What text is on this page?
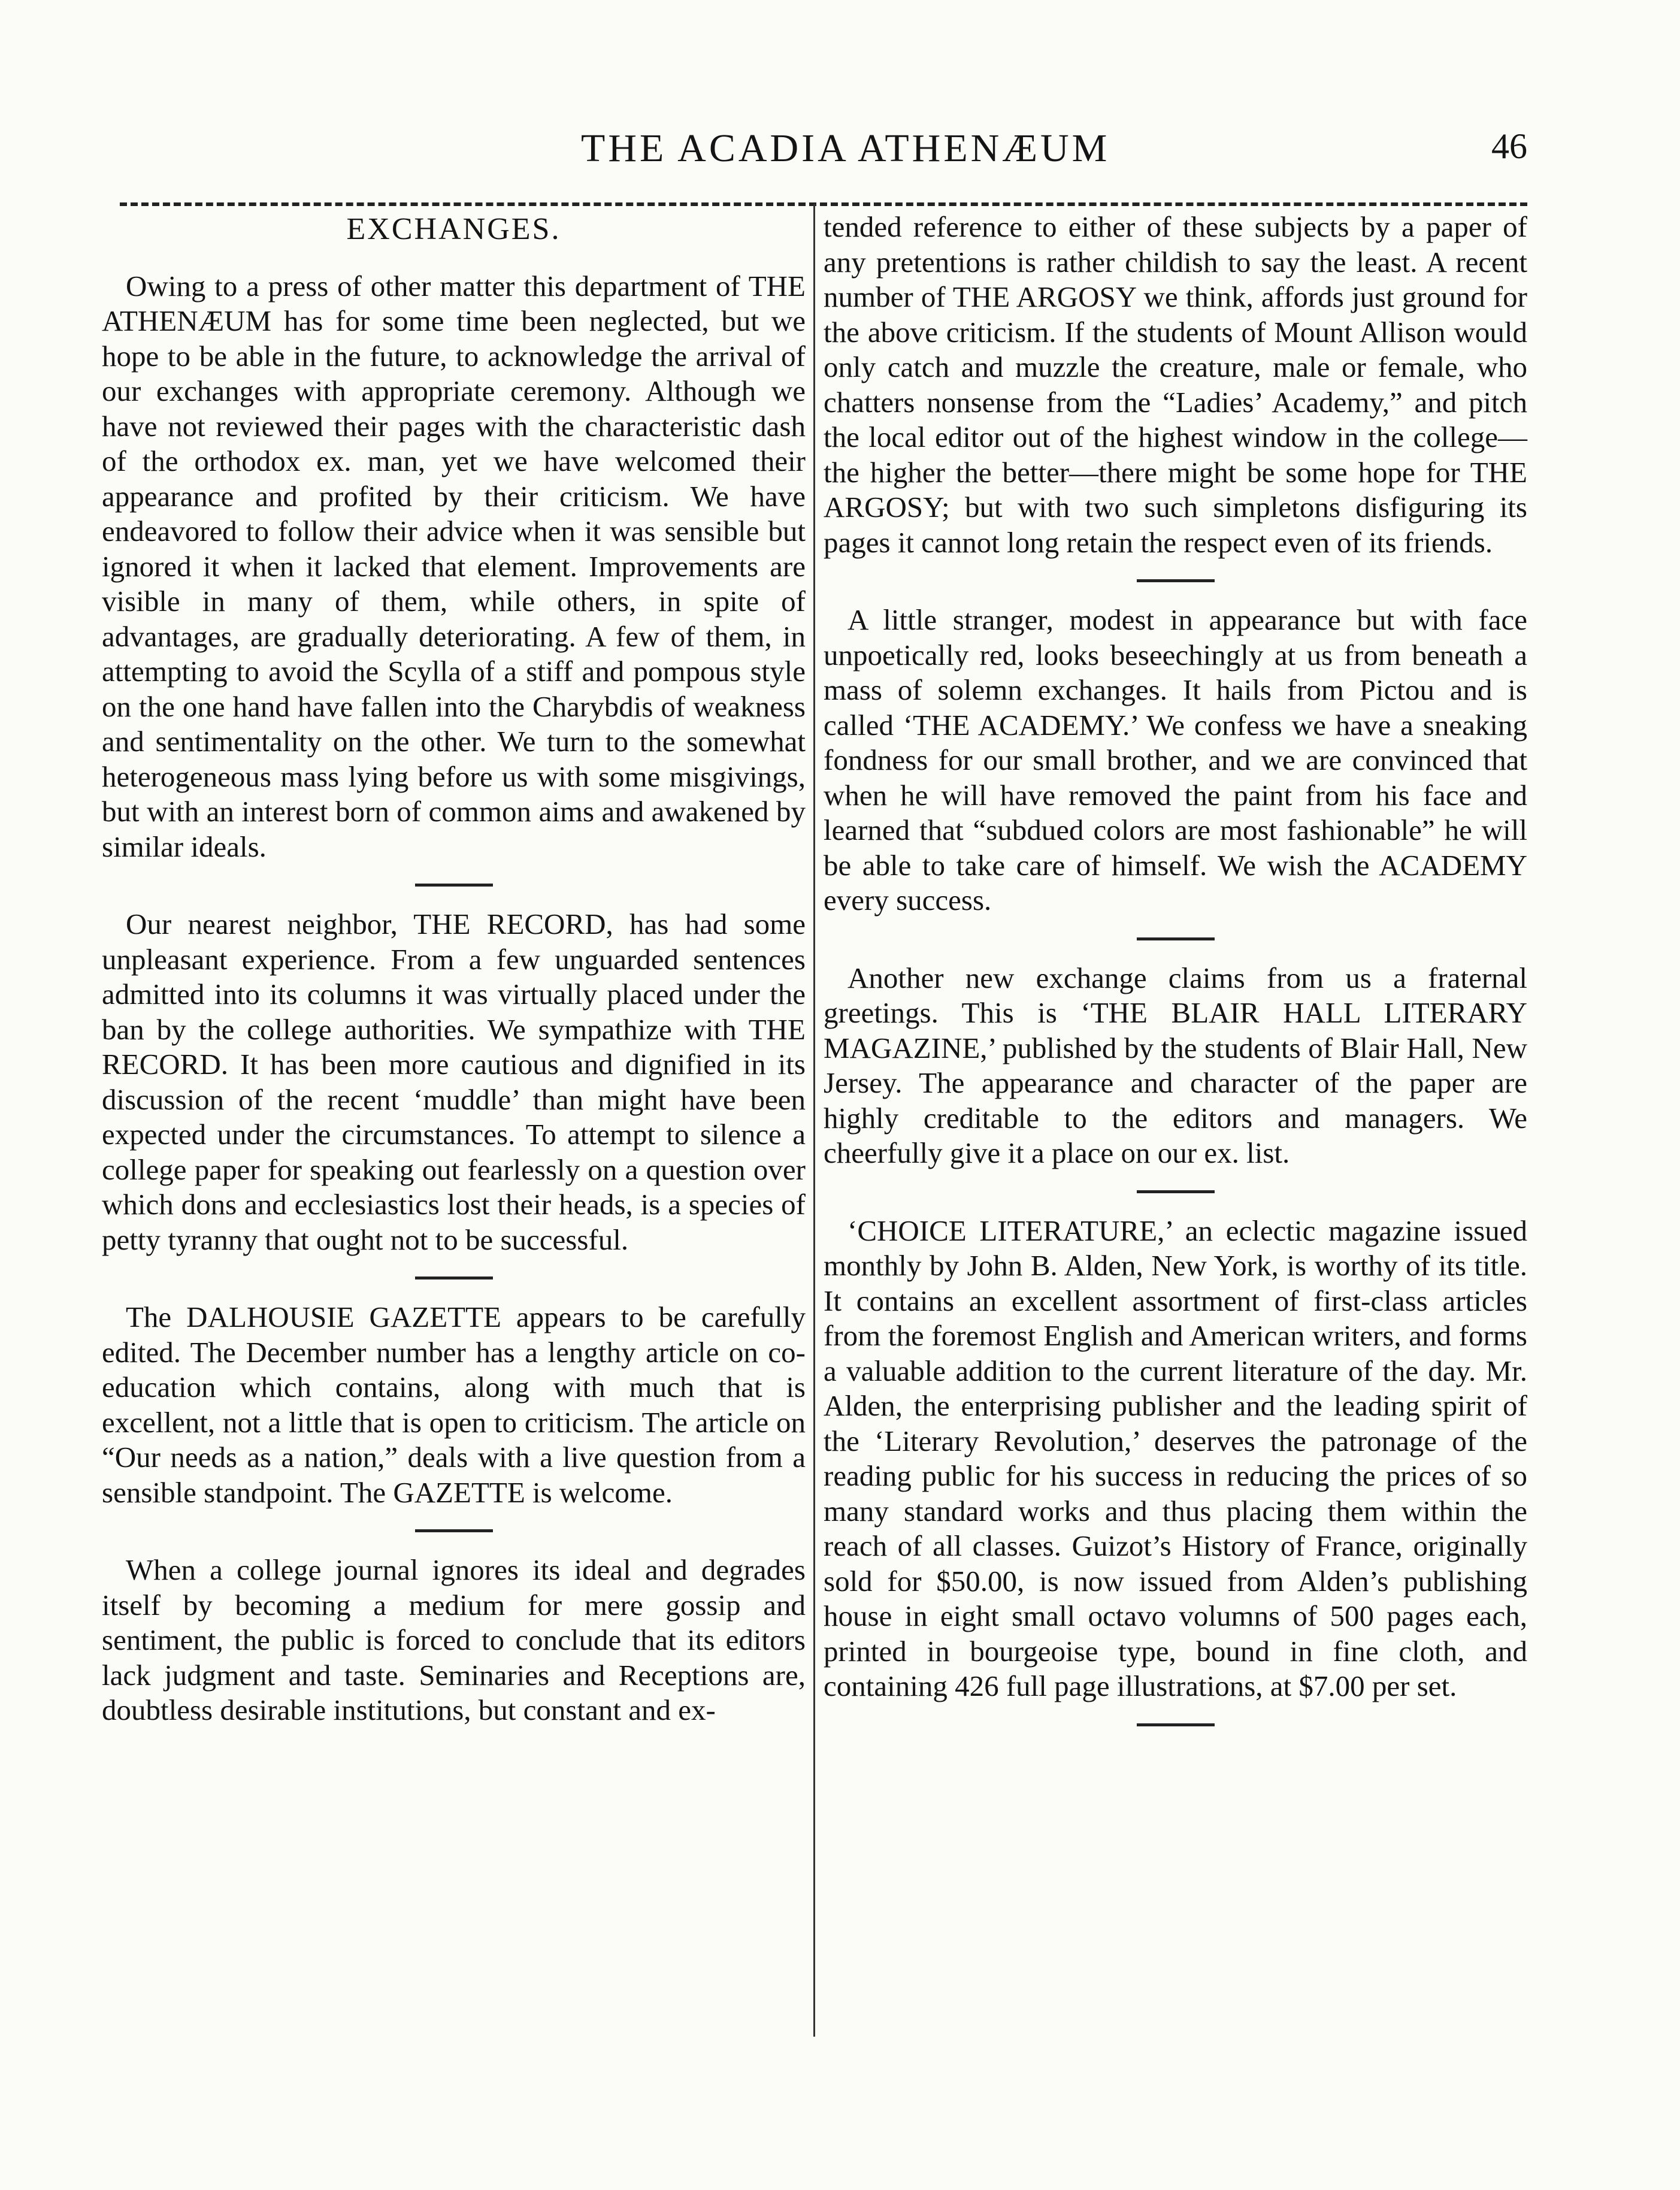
THE ACADIA ATHENÆUM	46
EXCHANGES.

Owing to a press of other matter this department of THE ATHENÆUM has for some time been neglected, but we hope to be able in the future, to acknowledge the arrival of our exchanges with appropriate ceremony. Although we have not reviewed their pages with the characteristic dash of the orthodox ex. man, yet we have welcomed their appearance and profited by their criticism. We have endeavored to follow their advice when it was sensible but ignored it when it lacked that element. Improvements are visible in many of them, while others, in spite of advantages, are gradually deteriorating. A few of them, in attempting to avoid the Scylla of a stiff and pompous style on the one hand have fallen into the Charybdis of weakness and sentimentality on the other. We turn to the somewhat heterogeneous mass lying before us with some misgivings, but with an interest born of common aims and awakened by similar ideals.

Our nearest neighbor, THE RECORD, has had some unpleasant experience. From a few unguarded sentences admitted into its columns it was virtually placed under the ban by the college authorities. We sympathize with THE RECORD. It has been more cautious and dignified in its discussion of the recent ‘muddle’ than might have been expected under the circumstances. To attempt to silence a college paper for speaking out fearlessly on a question over which dons and ecclesiastics lost their heads, is a species of petty tyranny that ought not to be successful.

The DALHOUSIE GAZETTE appears to be carefully edited. The December number has a lengthy article on co-education which contains, along with much that is excellent, not a little that is open to criticism. The article on “Our needs as a nation,” deals with a live question from a sensible standpoint. The GAZETTE is welcome.

When a college journal ignores its ideal and degrades itself by becoming a medium for mere gossip and sentiment, the public is forced to conclude that its editors lack judgment and taste. Seminaries and Receptions are, doubtless desirable institutions, but constant and ex-

tended reference to either of these subjects by a paper of any pretentions is rather childish to say the least. A recent number of THE ARGOSY we think, affords just ground for the above criticism. If the students of Mount Allison would only catch and muzzle the creature, male or female, who chatters nonsense from the “Ladies’ Academy,” and pitch the local editor out of the highest window in the college—the higher the better—there might be some hope for THE ARGOSY; but with two such simpletons disfiguring its pages it cannot long retain the respect even of its friends.

A little stranger, modest in appearance but with face unpoetically red, looks beseechingly at us from beneath a mass of solemn exchanges. It hails from Pictou and is called ‘THE ACADEMY.’ We confess we have a sneaking fondness for our small brother, and we are convinced that when he will have removed the paint from his face and learned that “subdued colors are most fashionable” he will be able to take care of himself. We wish the ACADEMY every success.

Another new exchange claims from us a fraternal greetings. This is ‘THE BLAIR HALL LITERARY MAGAZINE,’ published by the students of Blair Hall, New Jersey. The appearance and character of the paper are highly creditable to the editors and managers. We cheerfully give it a place on our ex. list.

‘CHOICE LITERATURE,’ an eclectic magazine issued monthly by John B. Alden, New York, is worthy of its title. It contains an excellent assortment of first-class articles from the foremost English and American writers, and forms a valuable addition to the current literature of the day. Mr. Alden, the enterprising publisher and the leading spirit of the ‘Literary Revolution,’ deserves the patronage of the reading public for his success in reducing the prices of so many standard works and thus placing them within the reach of all classes. Guizot’s History of France, originally sold for $50.00, is now issued from Alden’s publishing house in eight small octavo volumns of 500 pages each, printed in bourgeoise type, bound in fine cloth, and containing 426 full page illustrations, at $7.00 per set.
